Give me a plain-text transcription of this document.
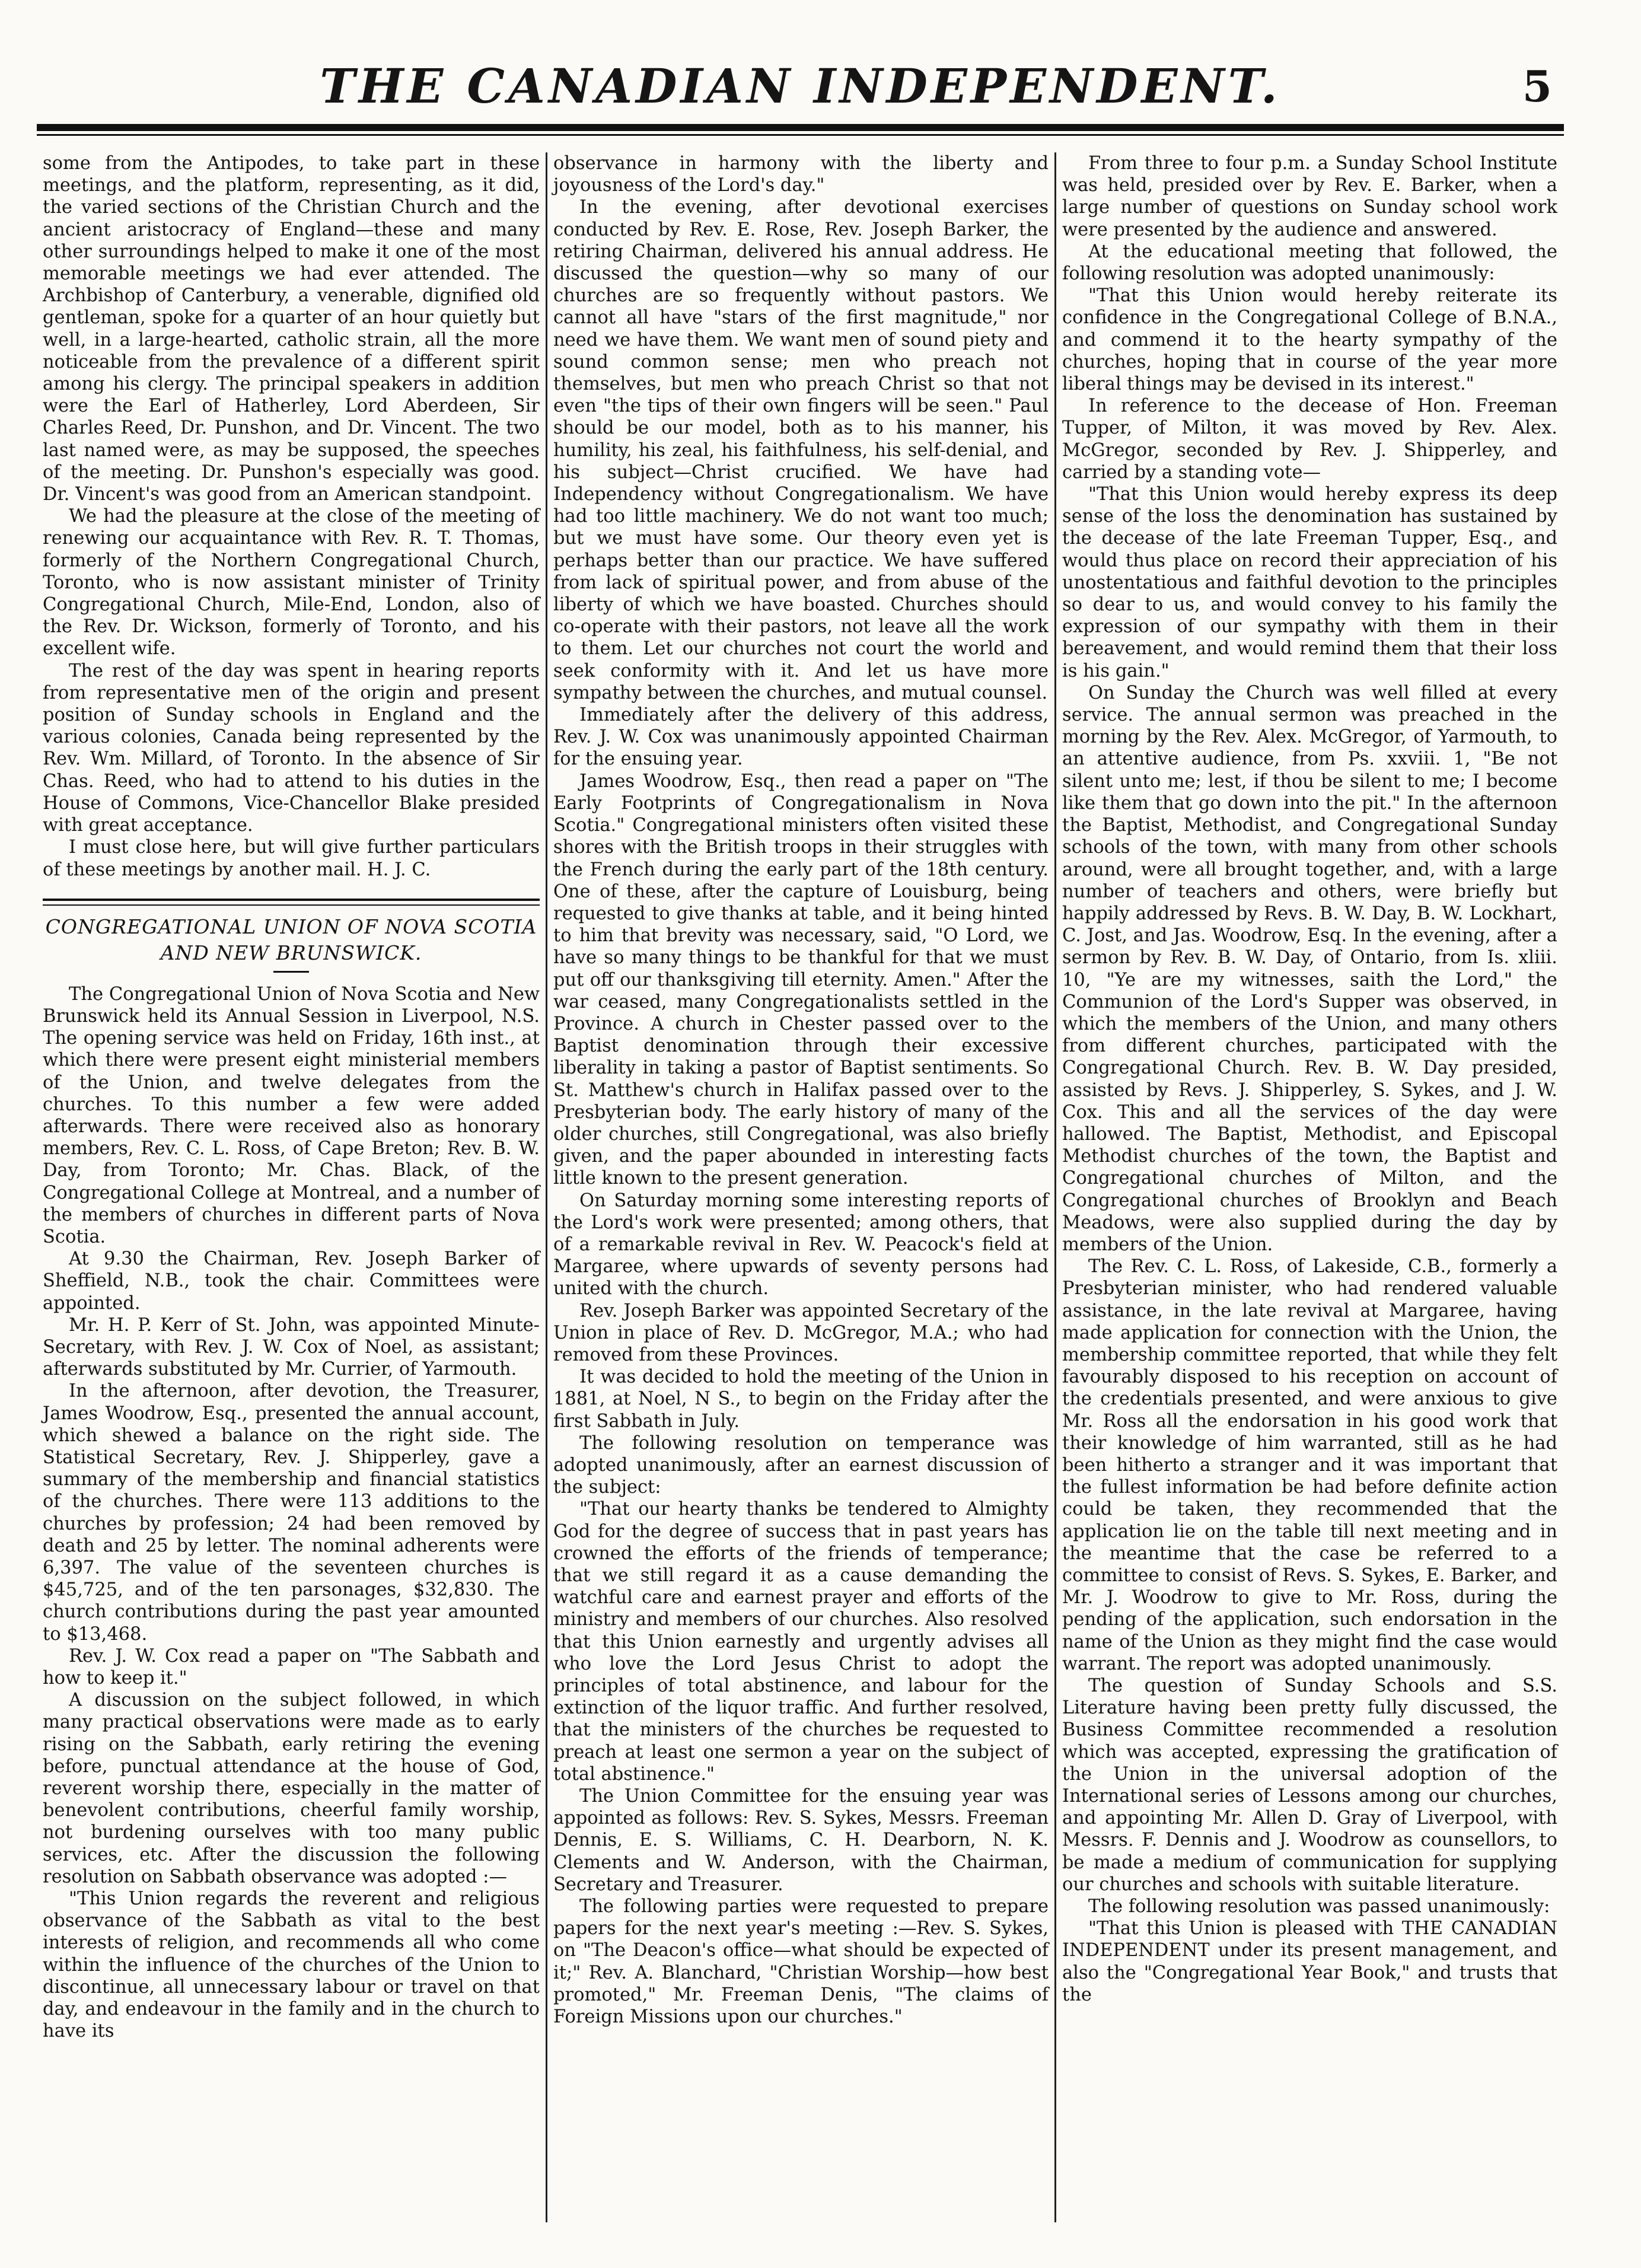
THE CANADIAN INDEPENDENT.	5

some from the Antipodes, to take part in these meetings, and the platform, representing, as it did, the varied sections of the Christian Church and the ancient aristocracy of England—these and many other surroundings helped to make it one of the most memorable meetings we had ever attended. The Archbishop of Canterbury, a venerable, dignified old gentleman, spoke for a quarter of an hour quietly but well, in a large-hearted, catholic strain, all the more noticeable from the prevalence of a different spirit among his clergy. The principal speakers in addition were the Earl of Hatherley, Lord Aberdeen, Sir Charles Reed, Dr. Punshon, and Dr. Vincent. The two last named were, as may be supposed, the speeches of the meeting. Dr. Punshon's especially was good. Dr. Vincent's was good from an American standpoint.

We had the pleasure at the close of the meeting of renewing our acquaintance with Rev. R. T. Thomas, formerly of the Northern Congregational Church, Toronto, who is now assistant minister of Trinity Congregational Church, Mile-End, London, also of the Rev. Dr. Wickson, formerly of Toronto, and his excellent wife.

The rest of the day was spent in hearing reports from representative men of the origin and present position of Sunday schools in England and the various colonies, Canada being represented by the Rev. Wm. Millard, of Toronto. In the absence of Sir Chas. Reed, who had to attend to his duties in the House of Commons, Vice-Chancellor Blake presided with great acceptance.

I must close here, but will give further particulars of these meetings by another mail. H. J. C.

CONGREGATIONAL UNION OF NOVA SCOTIA AND NEW BRUNSWICK.

The Congregational Union of Nova Scotia and New Brunswick held its Annual Session in Liverpool, N.S. The opening service was held on Friday, 16th inst., at which there were present eight ministerial members of the Union, and twelve delegates from the churches. To this number a few were added afterwards. There were received also as honorary members, Rev. C. L. Ross, of Cape Breton; Rev. B. W. Day, from Toronto; Mr. Chas. Black, of the Congregational College at Montreal, and a number of the members of churches in different parts of Nova Scotia.

At 9.30 the Chairman, Rev. Joseph Barker of Sheffield, N.B., took the chair. Committees were appointed.

Mr. H. P. Kerr of St. John, was appointed Minute-Secretary, with Rev. J. W. Cox of Noel, as assistant; afterwards substituted by Mr. Currier, of Yarmouth.

In the afternoon, after devotion, the Treasurer, James Woodrow, Esq., presented the annual account, which shewed a balance on the right side. The Statistical Secretary, Rev. J. Shipperley, gave a summary of the membership and financial statistics of the churches. There were 113 additions to the churches by profession; 24 had been removed by death and 25 by letter. The nominal adherents were 6,397. The value of the seventeen churches is $45,725, and of the ten parsonages, $32,830. The church contributions during the past year amounted to $13,468.

Rev. J. W. Cox read a paper on "The Sabbath and how to keep it."

A discussion on the subject followed, in which many practical observations were made as to early rising on the Sabbath, early retiring the evening before, punctual attendance at the house of God, reverent worship there, especially in the matter of benevolent contributions, cheerful family worship, not burdening ourselves with too many public services, etc. After the discussion the following resolution on Sabbath observance was adopted :—

"This Union regards the reverent and religious observance of the Sabbath as vital to the best interests of religion, and recommends all who come within the influence of the churches of the Union to discontinue, all unnecessary labour or travel on that day, and endeavour in the family and in the church to have its

observance in harmony with the liberty and joyousness of the Lord's day."

In the evening, after devotional exercises conducted by Rev. E. Rose, Rev. Joseph Barker, the retiring Chairman, delivered his annual address. He discussed the question—why so many of our churches are so frequently without pastors. We cannot all have "stars of the first magnitude," nor need we have them. We want men of sound piety and sound common sense; men who preach not themselves, but men who preach Christ so that not even "the tips of their own fingers will be seen." Paul should be our model, both as to his manner, his humility, his zeal, his faithfulness, his self-denial, and his subject—Christ crucified. We have had Independency without Congregationalism. We have had too little machinery. We do not want too much; but we must have some. Our theory even yet is perhaps better than our practice. We have suffered from lack of spiritual power, and from abuse of the liberty of which we have boasted. Churches should co-operate with their pastors, not leave all the work to them. Let our churches not court the world and seek conformity with it. And let us have more sympathy between the churches, and mutual counsel.

Immediately after the delivery of this address, Rev. J. W. Cox was unanimously appointed Chairman for the ensuing year.

James Woodrow, Esq., then read a paper on "The Early Footprints of Congregationalism in Nova Scotia." Congregational ministers often visited these shores with the British troops in their struggles with the French during the early part of the 18th century. One of these, after the capture of Louisburg, being requested to give thanks at table, and it being hinted to him that brevity was necessary, said, "O Lord, we have so many things to be thankful for that we must put off our thanksgiving till eternity. Amen." After the war ceased, many Congregationalists settled in the Province. A church in Chester passed over to the Baptist denomination through their excessive liberality in taking a pastor of Baptist sentiments. So St. Matthew's church in Halifax passed over to the Presbyterian body. The early history of many of the older churches, still Congregational, was also briefly given, and the paper abounded in interesting facts little known to the present generation.

On Saturday morning some interesting reports of the Lord's work were presented; among others, that of a remarkable revival in Rev. W. Peacock's field at Margaree, where upwards of seventy persons had united with the church.

Rev. Joseph Barker was appointed Secretary of the Union in place of Rev. D. McGregor, M.A.; who had removed from these Provinces.

It was decided to hold the meeting of the Union in 1881, at Noel, N S., to begin on the Friday after the first Sabbath in July.

The following resolution on temperance was adopted unanimously, after an earnest discussion of the subject:

"That our hearty thanks be tendered to Almighty God for the degree of success that in past years has crowned the efforts of the friends of temperance; that we still regard it as a cause demanding the watchful care and earnest prayer and efforts of the ministry and members of our churches. Also resolved that this Union earnestly and urgently advises all who love the Lord Jesus Christ to adopt the principles of total abstinence, and labour for the extinction of the liquor traffic. And further resolved, that the ministers of the churches be requested to preach at least one sermon a year on the subject of total abstinence."

The Union Committee for the ensuing year was appointed as follows: Rev. S. Sykes, Messrs. Freeman Dennis, E. S. Williams, C. H. Dearborn, N. K. Clements and W. Anderson, with the Chairman, Secretary and Treasurer.

The following parties were requested to prepare papers for the next year's meeting :—Rev. S. Sykes, on "The Deacon's office—what should be expected of it;" Rev. A. Blanchard, "Christian Worship—how best promoted," Mr. Freeman Denis, "The claims of Foreign Missions upon our churches."

From three to four p.m. a Sunday School Institute was held, presided over by Rev. E. Barker, when a large number of questions on Sunday school work were presented by the audience and answered.

At the educational meeting that followed, the following resolution was adopted unanimously:

"That this Union would hereby reiterate its confidence in the Congregational College of B.N.A., and commend it to the hearty sympathy of the churches, hoping that in course of the year more liberal things may be devised in its interest."

In reference to the decease of Hon. Freeman Tupper, of Milton, it was moved by Rev. Alex. McGregor, seconded by Rev. J. Shipperley, and carried by a standing vote—

"That this Union would hereby express its deep sense of the loss the denomination has sustained by the decease of the late Freeman Tupper, Esq., and would thus place on record their appreciation of his unostentatious and faithful devotion to the principles so dear to us, and would convey to his family the expression of our sympathy with them in their bereavement, and would remind them that their loss is his gain."

On Sunday the Church was well filled at every service. The annual sermon was preached in the morning by the Rev. Alex. McGregor, of Yarmouth, to an attentive audience, from Ps. xxviii. 1, "Be not silent unto me; lest, if thou be silent to me; I become like them that go down into the pit." In the afternoon the Baptist, Methodist, and Congregational Sunday schools of the town, with many from other schools around, were all brought together, and, with a large number of teachers and others, were briefly but happily addressed by Revs. B. W. Day, B. W. Lockhart, C. Jost, and Jas. Woodrow, Esq. In the evening, after a sermon by Rev. B. W. Day, of Ontario, from Is. xliii. 10, "Ye are my witnesses, saith the Lord," the Communion of the Lord's Supper was observed, in which the members of the Union, and many others from different churches, participated with the Congregational Church. Rev. B. W. Day presided, assisted by Revs. J. Shipperley, S. Sykes, and J. W. Cox. This and all the services of the day were hallowed. The Baptist, Methodist, and Episcopal Methodist churches of the town, the Baptist and Congregational churches of Milton, and the Congregational churches of Brooklyn and Beach Meadows, were also supplied during the day by members of the Union.

The Rev. C. L. Ross, of Lakeside, C.B., formerly a Presbyterian minister, who had rendered valuable assistance, in the late revival at Margaree, having made application for connection with the Union, the membership committee reported, that while they felt favourably disposed to his reception on account of the credentials presented, and were anxious to give Mr. Ross all the endorsation in his good work that their knowledge of him warranted, still as he had been hitherto a stranger and it was important that the fullest information be had before definite action could be taken, they recommended that the application lie on the table till next meeting and in the meantime that the case be referred to a committee to consist of Revs. S. Sykes, E. Barker, and Mr. J. Woodrow to give to Mr. Ross, during the pending of the application, such endorsation in the name of the Union as they might find the case would warrant. The report was adopted unanimously.

The question of Sunday Schools and S.S. Literature having been pretty fully discussed, the Business Committee recommended a resolution which was accepted, expressing the gratification of the Union in the universal adoption of the International series of Lessons among our churches, and appointing Mr. Allen D. Gray of Liverpool, with Messrs. F. Dennis and J. Woodrow as counsellors, to be made a medium of communication for supplying our churches and schools with suitable literature.

The following resolution was passed unanimously:

"That this Union is pleased with THE CANADIAN INDEPENDENT under its present management, and also the "Congregational Year Book," and trusts that the
